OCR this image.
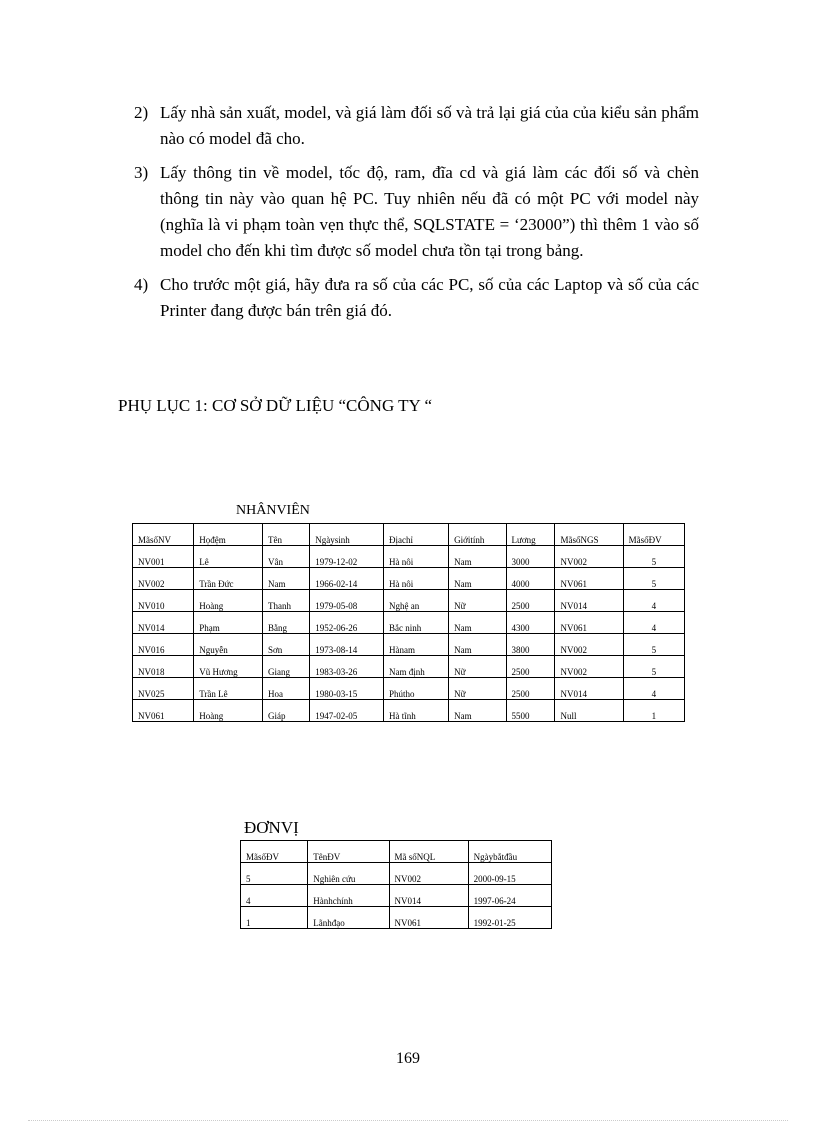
2) Lấy nhà sản xuất, model, và giá làm đối số và trả lại giá của của kiểu sản phẩm nào có model đã cho.
3) Lấy thông tin về model, tốc độ, ram, đĩa cd và giá làm các đối số và chèn thông tin này vào quan hệ PC. Tuy nhiên nếu đã có một PC với model này (nghĩa là vi phạm toàn vẹn thực thể, SQLSTATE = ‘23000”) thì thêm 1 vào số model cho đến khi tìm được số model chưa tồn tại trong bảng.
4) Cho trước một giá, hãy đưa ra số của các PC, số của các Laptop và số của các Printer đang được bán trên giá đó.
PHỤ LỤC 1: CƠ SỞ DỮ LIỆU “CÔNG TY “
NHÂNVIÊN
MãsốNV	Họđệm	Tên	Ngàysinh	Địachỉ	Giớitính	Lương	MãsốNGS	MãsốĐV
NV001	Lê	Vân	1979-12-02	Hà nôi	Nam	3000	NV002	5
NV002	Trần Đức	Nam	1966-02-14	Hà nôi	Nam	4000	NV061	5
NV010	Hoàng	Thanh	1979-05-08	Nghệ an	Nữ	2500	NV014	4
NV014	Phạm	Bằng	1952-06-26	Bắc ninh	Nam	4300	NV061	4
NV016	Nguyễn	Sơn	1973-08-14	Hànam	Nam	3800	NV002	5
NV018	Vũ Hương	Giang	1983-03-26	Nam định	Nữ	2500	NV002	5
NV025	Trần Lê	Hoa	1980-03-15	Phútho	Nữ	2500	NV014	4
NV061	Hoàng	Giáp	1947-02-05	Hà tĩnh	Nam	5500	Null	1
ĐƠNVỊ
MãsốĐV	TênĐV	Mã sốNQL	Ngàybắtđầu
5	Nghiên cứu	NV002	2000-09-15
4	Hànhchính	NV014	1997-06-24
1	Lãnhđạo	NV061	1992-01-25
169
